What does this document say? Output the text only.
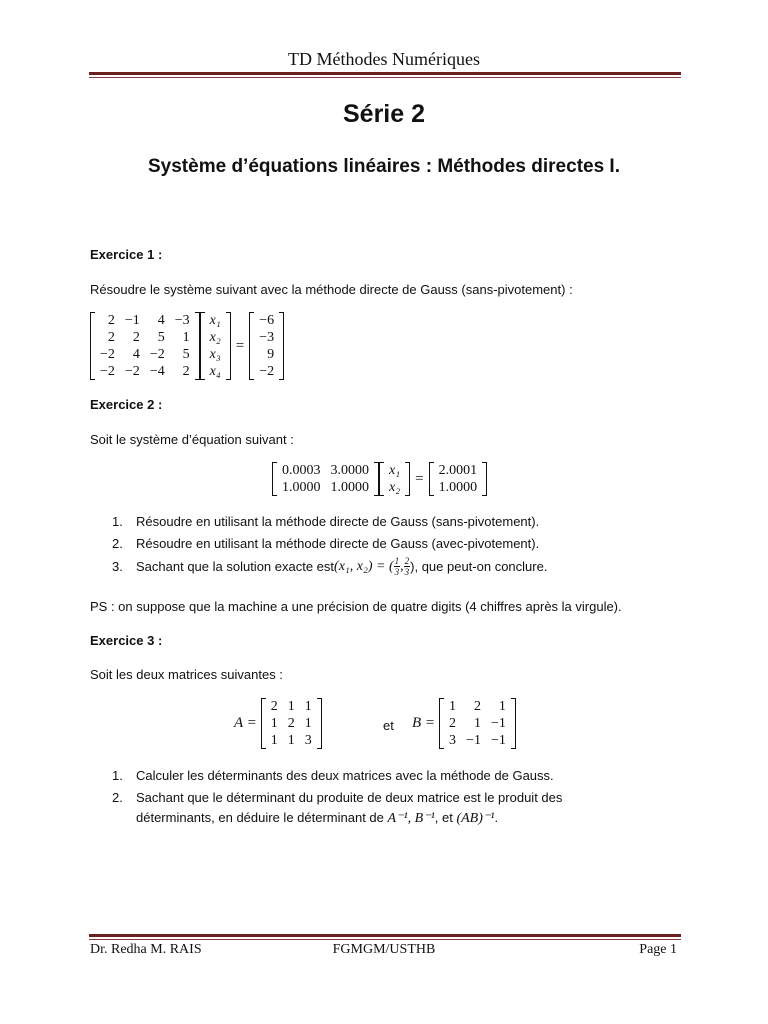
TD Méthodes Numériques
Série 2
Système d’équations linéaires : Méthodes directes I.
Exercice 1 :
Résoudre le système suivant avec la méthode directe de Gauss (sans-pivotement) :
2	−1	4	−3
2	2	5	1
−2	4	−2	5
−2	−2	−4	2
x₁
x₂
x₃
x₄
=
−6
−3
9
−2
Exercice 2 :
Soit le système d’équation suivant :
0.0003	3.0000
1.0000	1.0000
x₁
x₂
= 2.0001
1.0000
1. Résoudre en utilisant la méthode directe de Gauss (sans-pivotement).
2. Résoudre en utilisant la méthode directe de Gauss (avec-pivotement).
3.	Sachant que la solution exacte est (x₁, x₂) = ( $\frac{1}{3}$ , $\frac{2}{3}$ ), que peut-on conclure.
PS : on suppose que la machine a une précision de quatre digits (4 chiffres après la virgule).
Exercice 3 :
Soit les deux matrices suivantes :
A =
2	1	1
1	2	1
1	1	3
et B =
1	2	1
2	1	−1
3	−1	−1
1. Calculer les déterminants des deux matrices avec la méthode de Gauss.
2. Sachant que le déterminant du produite de deux matrice est le produit des
déterminants, en déduire le déterminant de A⁻¹, B⁻¹, et (AB)⁻¹.
Dr. Redha M. RAIS	FGMGM/USTHB	Page 1
